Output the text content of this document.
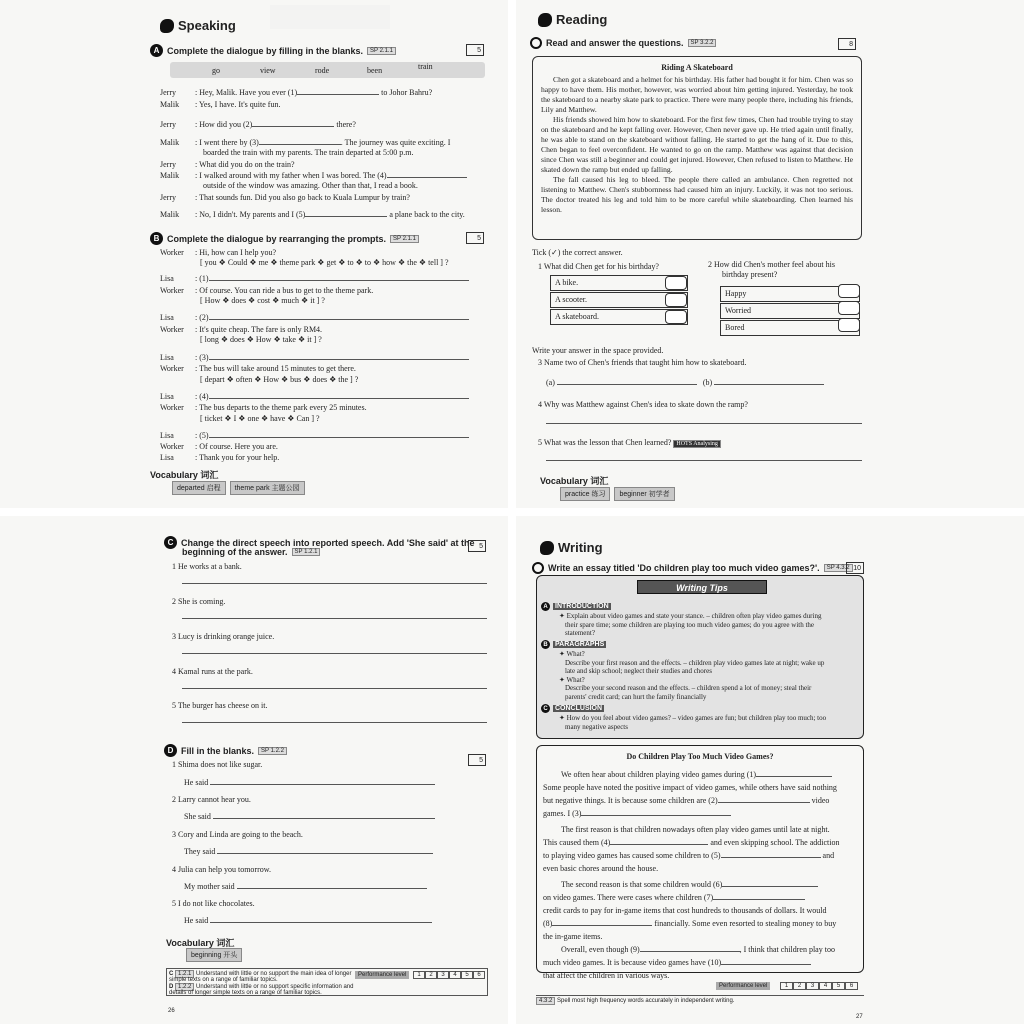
Speaking
A Complete the dialogue by filling in the blanks.	SP 2.1.1	5
go	view	rode	been	train
Jerry	: Hey, Malik. Have you ever (1)	to Johor Bahru?
Malik	: Yes, I have. It's quite fun.
Jerry	: How did you (2)	there?
Malik	: I went there by (3)	. The journey was quite exciting. I
boarded the train with my parents. The train departed at 5:00 p.m.
Jerry	: What did you do on the train?
Malik	: I walked around with my father when I was bored. The (4)
outside of the window was amazing. Other than that, I read a book.
Jerry	: That sounds fun. Did you also go back to Kuala Lumpur by train?
Malik	: No, I didn't. My parents and I (5)	a plane back to the city.
B Complete the dialogue by rearranging the prompts.	SP 2.1.1	5
Worker	: Hi, how can I help you?
[ you ❖ Could ❖ me ❖ theme park ❖ get ❖ to ❖ to ❖ how ❖ the ❖ tell ] ?
Lisa	: (1)
Worker	: Of course. You can ride a bus to get to the theme park.
[ How ❖ does ❖ cost ❖ much ❖ it ] ?
Lisa	: (2)
Worker	: It's quite cheap. The fare is only RM4.
[ long ❖ does ❖ How ❖ take ❖ it ] ?
Lisa	: (3)
Worker	: The bus will take around 15 minutes to get there.
[ depart ❖ often ❖ How ❖ bus ❖ does ❖ the ] ?
Lisa	: (4)
Worker	: The bus departs to the theme park every 25 minutes.
[ ticket ❖ I ❖ one ❖ have ❖ Can ] ?
Lisa	: (5)
Worker	: Of course. Here you are.
Lisa	: Thank you for your help.
Vocabulary 词汇
departed 启程	theme park 主题公园
Reading
Read and answer the questions.	SP 3.2.2	8
Riding A Skateboard

Chen got a skateboard and a helmet for his birthday. His father had bought it for him. Chen was so happy to have them. His mother, however, was worried about him getting injured. Yesterday, he took the skateboard to a nearby skate park to practice. There were many people there, including his friends, Lily and Matthew.

His friends showed him how to skateboard. For the first few times, Chen had trouble trying to stay on the skateboard and he kept falling over. However, Chen never gave up. He tried again until finally, he was able to stand on the skateboard without falling. He started to get the hang of it. Due to this, Chen began to feel overconfident. He wanted to go on the ramp. Matthew was against that decision since Chen was still a beginner and could get injured. However, Chen refused to listen to Matthew. He skated down the ramp but ended up falling.

The fall caused his leg to bleed. The people there called an ambulance. Chen regretted not listening to Matthew. Chen's stubbornness had caused him an injury. Luckily, it was not too serious. The doctor treated his leg and told him to be more careful while skateboarding. Chen learned his lesson.

Tick (✓) the correct answer.
1 What did Chen get for his birthday?
A bike.
A scooter.
A skateboard.
2 How did Chen's mother feel about his
birthday present?
Happy
Worried
Bored
Write your answer in the space provided.
3 Name two of Chen's friends that taught him how to skateboard.
(a)	(b)
4 Why was Matthew against Chen's idea to skate down the ramp?
5 What was the lesson that Chen learned? HOTS Analysing
Vocabulary 词汇
practice 练习	beginner 初学者
C Change the direct speech into reported speech. Add 'She said' at the
beginning of the answer.	SP 1.2.1
5
1 He works at a bank.
2 She is coming.
3 Lucy is drinking orange juice.
4 Kamal runs at the park.
5 The burger has cheese on it.
D Fill in the blanks.	SP 1.2.2
5
1 Shima does not like sugar.
He said
2 Larry cannot hear you.
She said
3 Cory and Linda are going to the beach.
They said
4 Julia can help you tomorrow.
My mother said
5 I do not like chocolates.
He said
Vocabulary 词汇
beginning 开头
C 1.2.1 Understand with little or no support the main idea of longer simple texts on a range of familiar topics.
D 1.2.2 Understand with little or no support specific information and details of longer simple texts on a range of familiar topics.
Performance level	1	2	3	4	5	6
26
Writing
Write an essay titled 'Do children play too much video games?'.	SP 4.3.2 10
Writing Tips
A	INTRODUCTION
✦ Explain about video games and state your stance. – children often play video games during
their spare time; some children are playing too much video games; do you agree with the
statement?
B	PARAGRAPHS
✦ What?
Describe your first reason and the effects. – children play video games late at night; wake up
late and skip school; neglect their studies and chores
✦ What?
Describe your second reason and the effects. – children spend a lot of money; steal their
parents' credit card; can hurt the family financially
C	CONCLUSION
✦ How do you feel about video games? – video games are fun; but children play too much; too
many negative aspects
Do Children Play Too Much Video Games?
We often hear about children playing video games during (1)
Some people have noted the positive impact of video games, while others have said nothing
but negative things. It is because some children are (2)	video
games. I (3)
The first reason is that children nowadays often play video games until late at night.
This caused them (4)	and even skipping school. The addiction
to playing video games has caused some children to (5)	and
even basic chores around the house.
The second reason is that some children would (6)
on video games. There were cases where children (7)
credit cards to pay for in-game items that cost hundreds to thousands of dollars. It would
(8)	financially. Some even resorted to stealing money to buy
the in-game items.
Overall, even though (9)	, I think that children play too
much video games. It is because video games have (10)
that affect the children in various ways.
Performance level	1	2	3	4	5	6
4.3.2 Spell most high frequency words accurately in independent writing.
27
